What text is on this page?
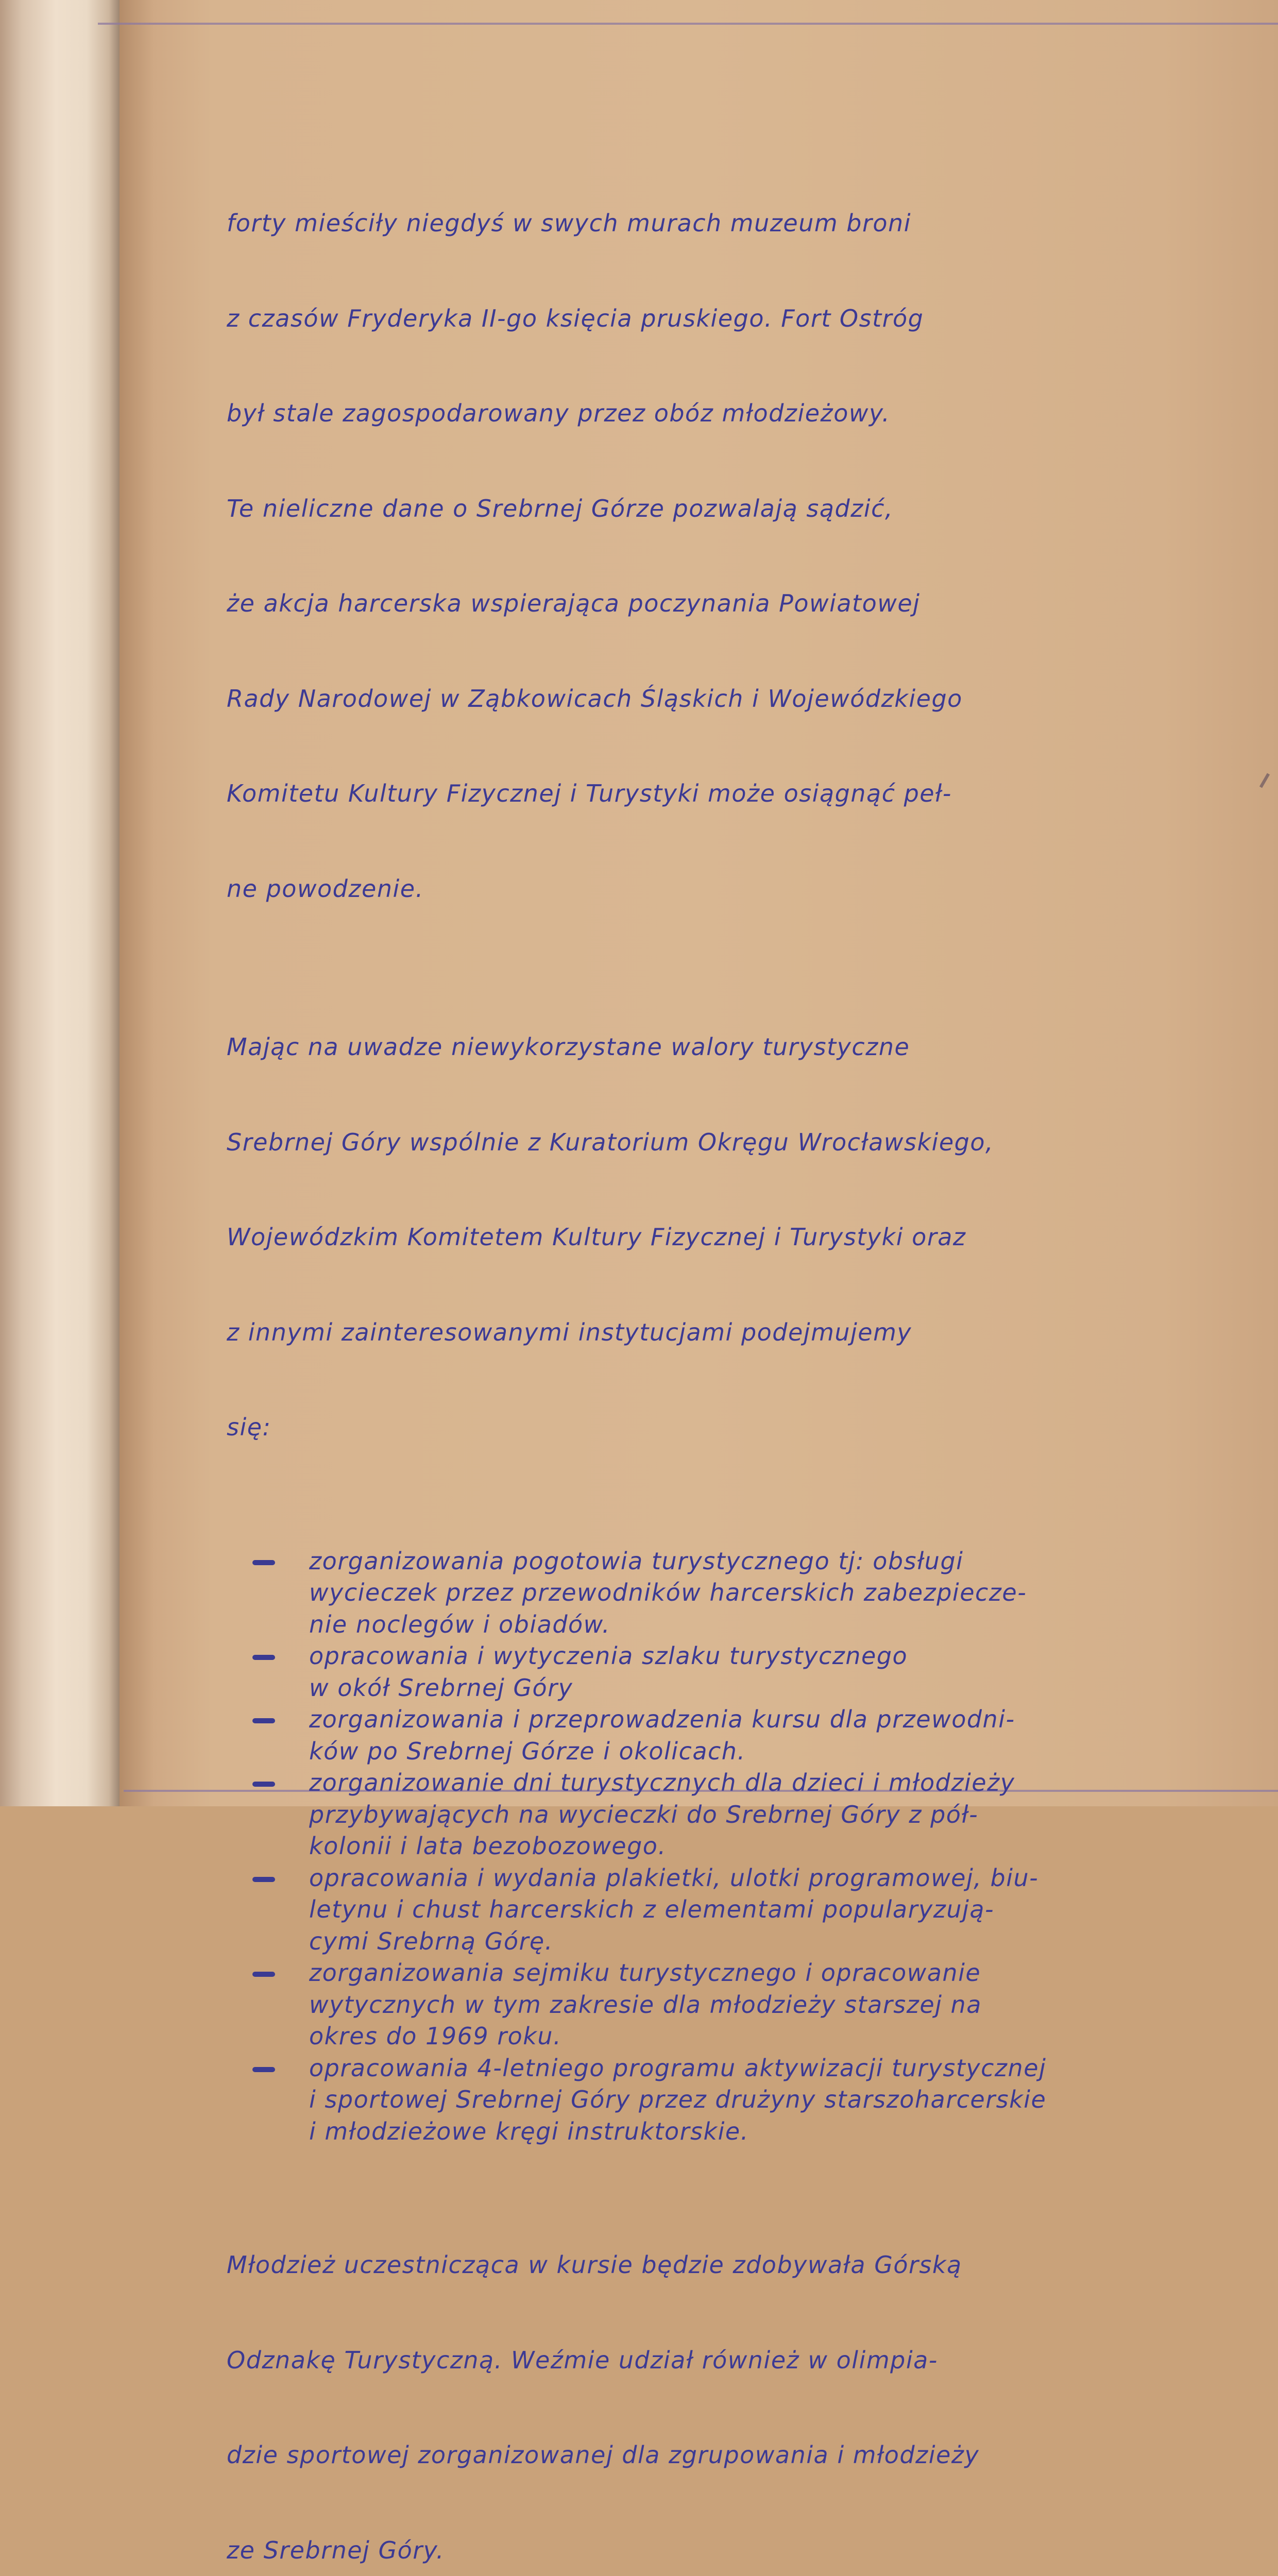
forty mieściły niegdyś w swych murach muzeum broni

z czasów Fryderyka II-go księcia pruskiego. Fort Ostróg

był stale zagospodarowany przez obóz młodzieżowy.

Te nieliczne dane o Srebrnej Górze pozwalają sądzić,

że akcja harcerska wspierająca poczynania Powiatowej

Rady Narodowej w Ząbkowicach Śląskich i Wojewódzkiego

Komitetu Kultury Fizycznej i Turystyki może osiągnąć peł-

ne powodzenie.

Mając na uwadze niewykorzystane walory turystyczne

Srebrnej Góry wspólnie z Kuratorium Okręgu Wrocławskiego,

Wojewódzkim Komitetem Kultury Fizycznej i Turystyki oraz

z innymi zainteresowanymi instytucjami podejmujemy

się:

zorganizowania pogotowia turystycznego tj: obsługi
wycieczek przez przewodników harcerskich zabezpiecze-
nie noclegów i obiadów.
opracowania i wytyczenia szlaku turystycznego
w okół Srebrnej Góry
zorganizowania i przeprowadzenia kursu dla przewodni-
ków po Srebrnej Górze i okolicach.
zorganizowanie dni turystycznych dla dzieci i młodzieży
przybywających na wycieczki do Srebrnej Góry z pół-
kolonii i lata bezobozowego.
opracowania i wydania plakietki, ulotki programowej, biu-
letynu i chust harcerskich z elementami popularyzują-
cymi Srebrną Górę.
zorganizowania sejmiku turystycznego i opracowanie
wytycznych w tym zakresie dla młodzieży starszej na
okres do 1969 roku.
opracowania 4-letniego programu aktywizacji turystycznej
i sportowej Srebrnej Góry przez drużyny starszoharcerskie
i młodzieżowe kręgi instruktorskie.

Młodzież uczestnicząca w kursie będzie zdobywała Górską

Odznakę Turystyczną. Weźmie udział również w olimpia-

dzie sportowej zorganizowanej dla zgrupowania i młodzieży

ze Srebrnej Góry.
